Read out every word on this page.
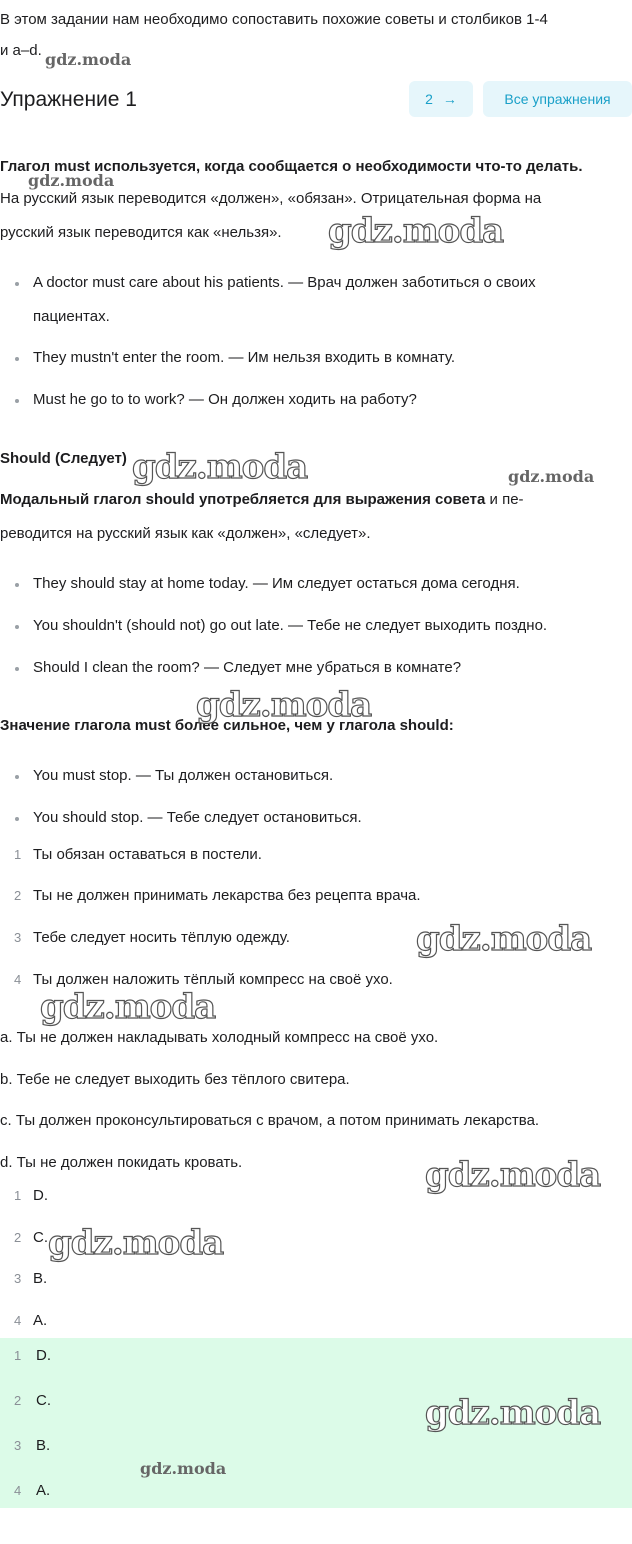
В этом задании нам необходимо сопоставить похожие советы и столбиков 1-4
и a–d.
Упражнение 1	2 →	Все упражнения
Глагол must используется, когда сообщается о необходимости что-то делать.
На русский язык переводится «должен», «обязан». Отрицательная форма на
русский язык переводится как «нельзя».
A doctor must care about his patients. — Врач должен заботиться о своих
пациентах.
They mustn't enter the room. — Им нельзя входить в комнату.
Must he go to to work? — Он должен ходить на работу?
Should (Следует)
Модальный глагол should употребляется для выражения совета и пе-
реводится на русский язык как «должен», «следует».
They should stay at home today. — Им следует остаться дома сегодня.
You shouldn't (should not) go out late. — Тебе не следует выходить поздно.
Should I clean the room? — Следует мне убраться в комнате?
Значение глагола must более сильное, чем у глагола should:
You must stop. — Ты должен остановиться.
You should stop. — Тебе следует остановиться.
1 Ты обязан оставаться в постели.
2 Ты не должен принимать лекарства без рецепта врача.
3 Тебе следует носить тёплую одежду.
4 Ты должен наложить тёплый компресс на своё ухо.
a. Ты не должен накладывать холодный компресс на своё ухо.
b. Тебе не следует выходить без тёплого свитера.
c. Ты должен проконсультироваться с врачом, а потом принимать лекарства.
d. Ты не должен покидать кровать.
1 D.
2 C.
3 B.
4 A.
1 D.
2 C.
3 B.
4 A.
gdz.moda
gdz.moda
gdz.moda
gdz.moda	gdz.moda
gdz.moda
gdz.moda
gdz.moda
gdz.moda
gdz.moda
gdz.moda
gdz.moda
